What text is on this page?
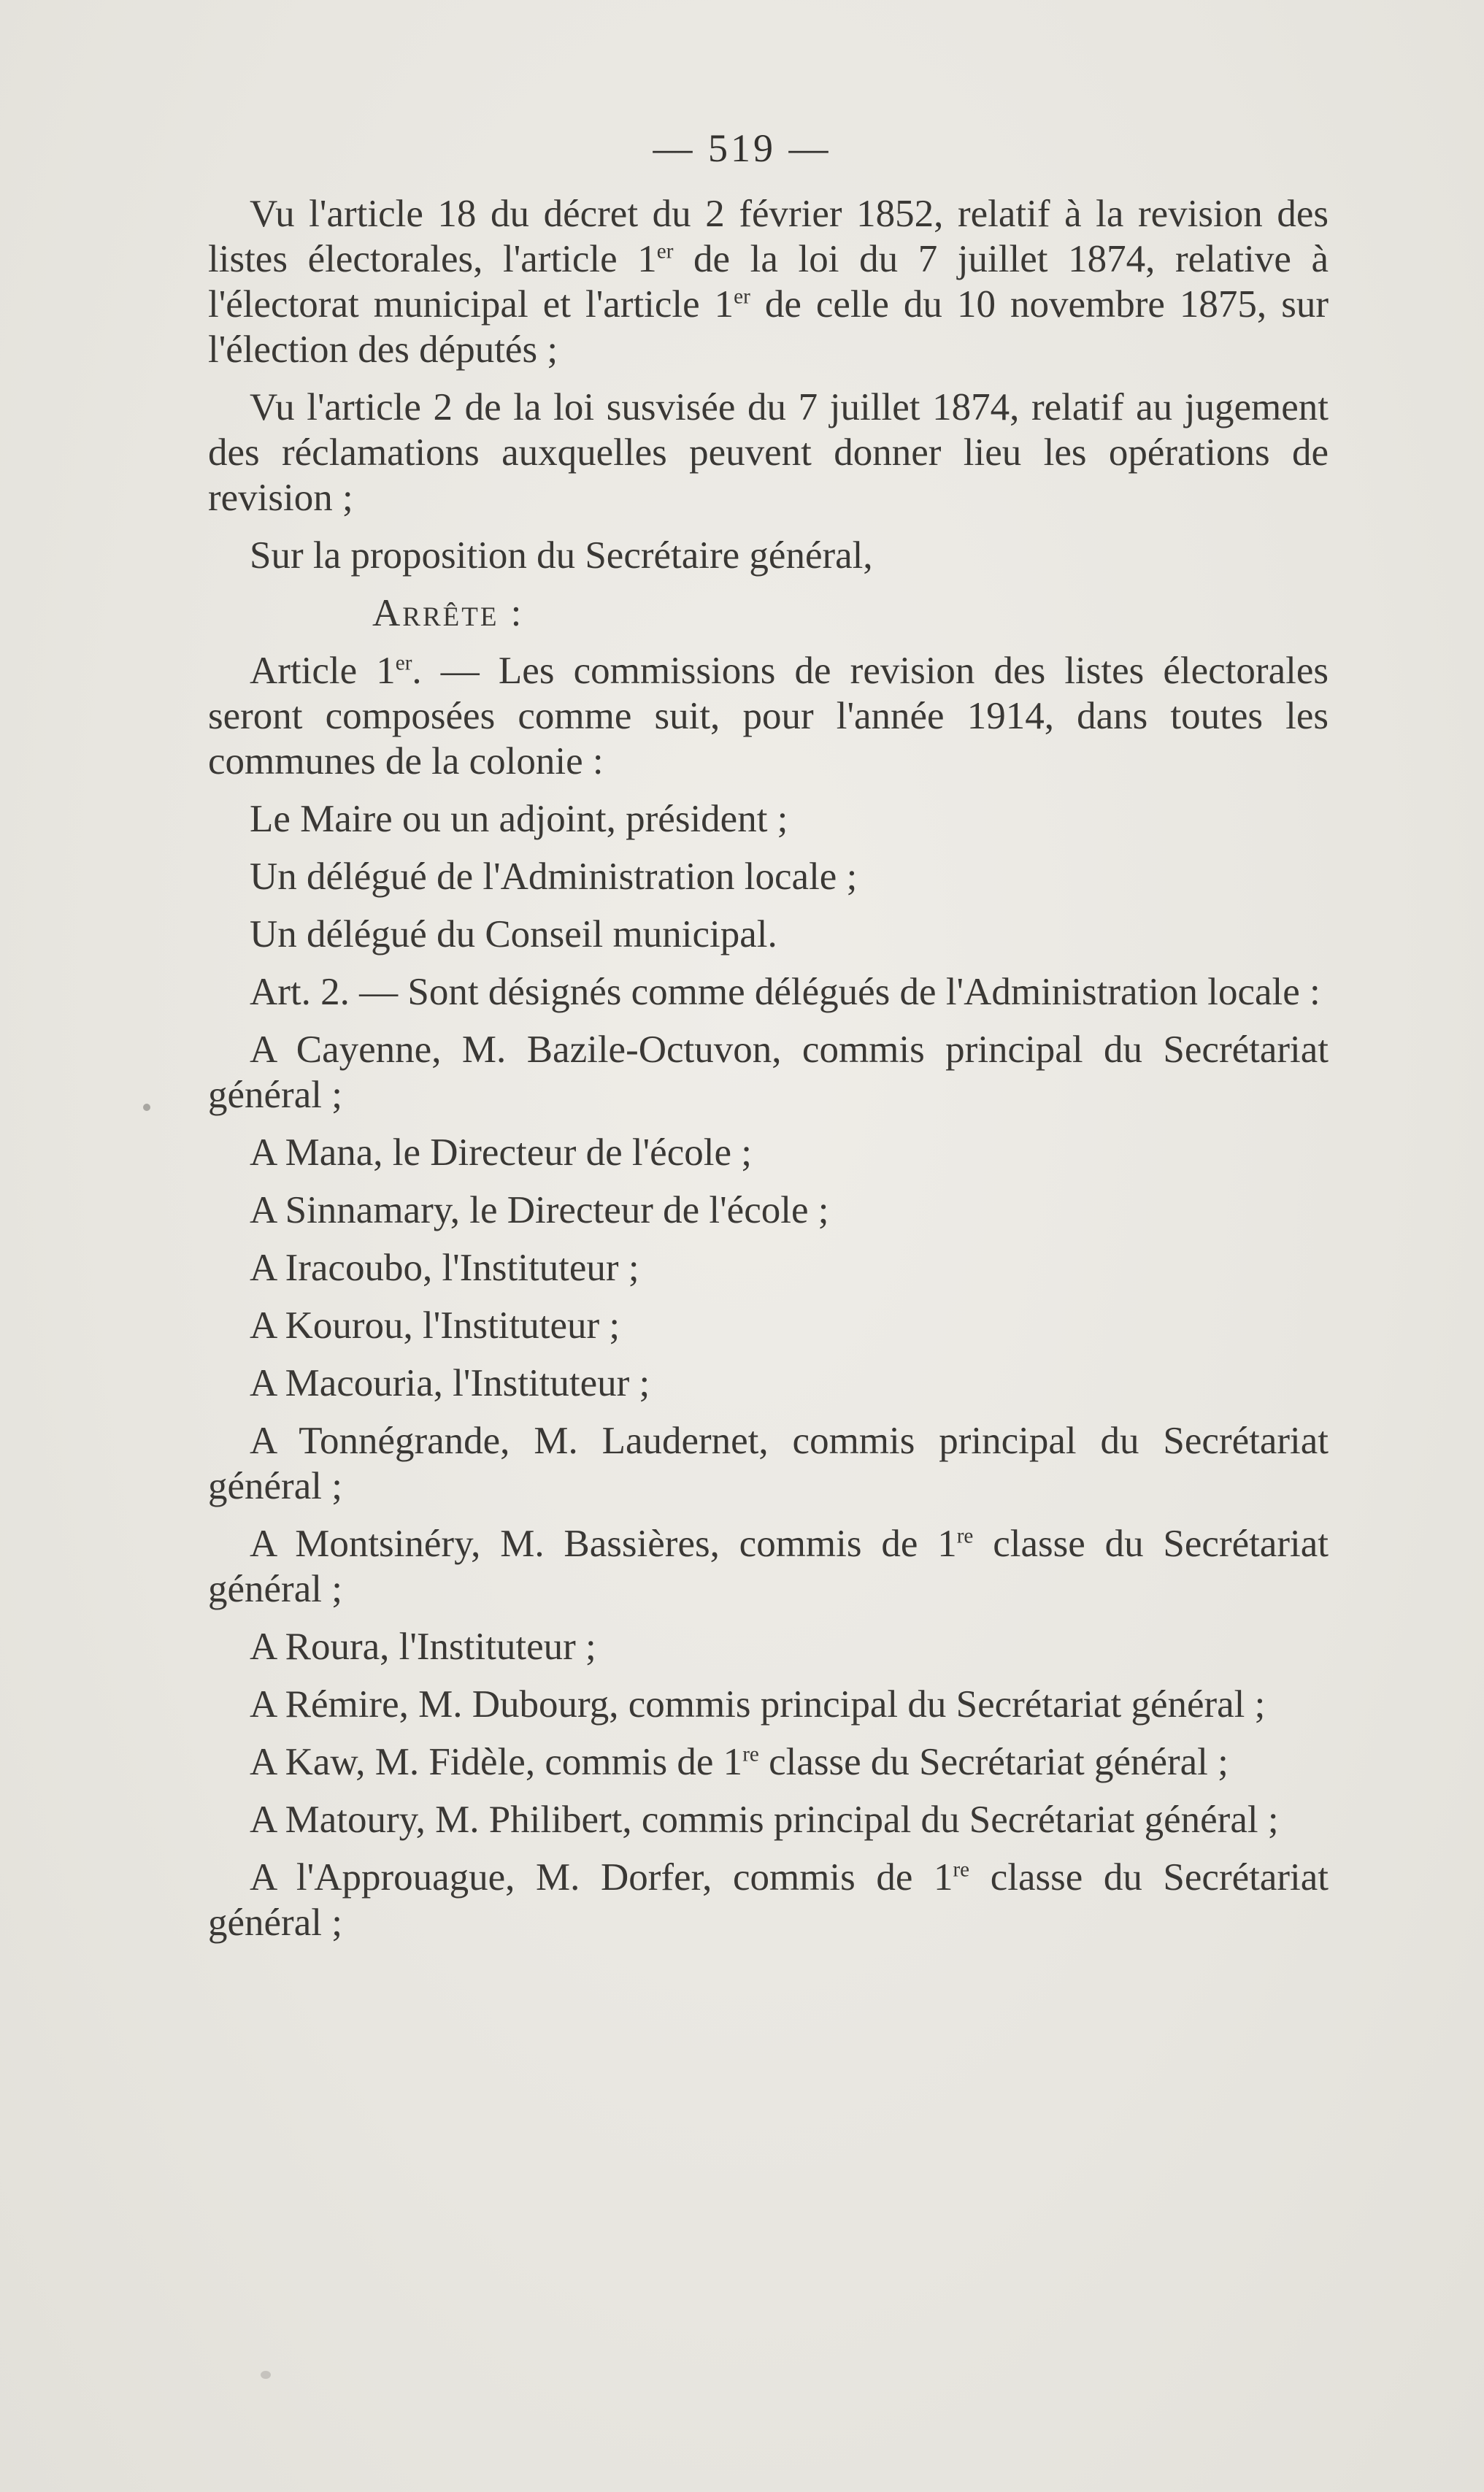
— 519 —

Vu l'article 18 du décret du 2 février 1852, relatif à la revision des listes électorales, l'article 1er de la loi du 7 juillet 1874, relative à l'électorat municipal et l'article 1er de celle du 10 novembre 1875, sur l'élection des députés ;

Vu l'article 2 de la loi susvisée du 7 juillet 1874, relatif au jugement des réclamations auxquelles peuvent donner lieu les opérations de revision ;

Sur la proposition du Secrétaire général,

Arrête :

Article 1er. — Les commissions de revision des listes électorales seront composées comme suit, pour l'année 1914, dans toutes les communes de la colonie :

Le Maire ou un adjoint, président ;

Un délégué de l'Administration locale ;

Un délégué du Conseil municipal.

Art. 2. — Sont désignés comme délégués de l'Administration locale :

A Cayenne, M. Bazile-Octuvon, commis principal du Secrétariat général ;

A Mana, le Directeur de l'école ;

A Sinnamary, le Directeur de l'école ;

A Iracoubo, l'Instituteur ;

A Kourou, l'Instituteur ;

A Macouria, l'Instituteur ;

A Tonnégrande, M. Laudernet, commis principal du Secrétariat général ;

A Montsinéry, M. Bassières, commis de 1re classe du Secrétariat général ;

A Roura, l'Instituteur ;

A Rémire, M. Dubourg, commis principal du Secrétariat général ;

A Kaw, M. Fidèle, commis de 1re classe du Secrétariat général ;

A Matoury, M. Philibert, commis principal du Secrétariat général ;

A l'Approuague, M. Dorfer, commis de 1re classe du Secrétariat général ;
